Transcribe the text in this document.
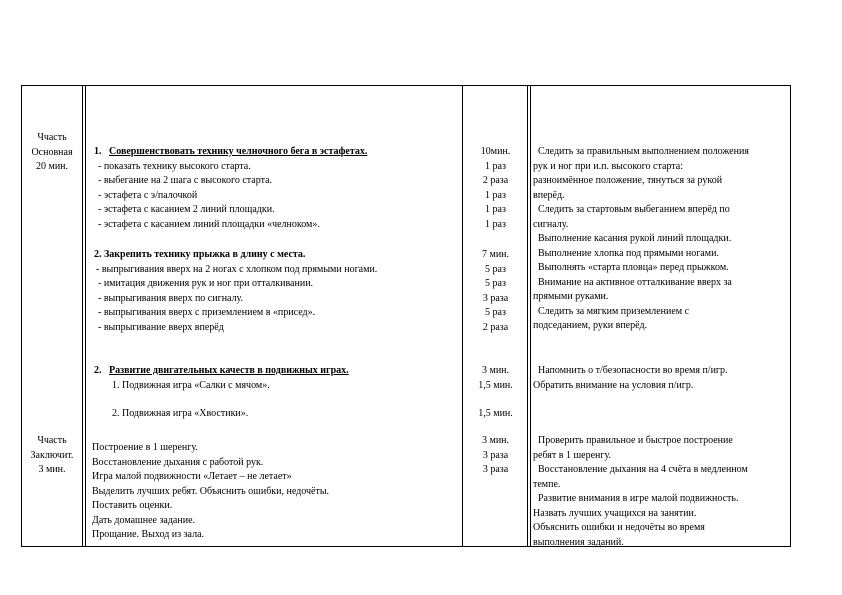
Ччасть
Основная
20 мин.
Ччасть
Заключит.
3 мин.
1. Совершенствовать технику челночного бега в эстафетах.
- показать технику высокого старта.
- выбегание на 2 шага с высокого старта.
- эстафета с э/палочкой
- эстафета с касанием 2 линий площадки.
- эстафета с касанием линий площадки «челноком».
2. Закрепить технику прыжка в длину с места.
- выпрыгивания вверх на 2 ногах с хлопком под прямыми ногами.
- имитация движения рук и ног при отталкивании.
- выпрыгивания вверх по сигналу.
- выпрыгивания вверх с приземлением в «присед».
- выпрыгивание вверх вперёд
2. Развитие двигательных качеств в подвижных играх.
1. Подвижная игра «Салки с мячом».
2. Подвижная игра «Хвостики».
Построение в 1 шеренгу.
Восстановление дыхания с работой рук.
Игра малой подвижности «Летает – не летает»
Выделить лучших ребят. Объяснить ошибки, недочёты.
Поставить оценки.
Дать домашнее задание.
Прощание. Выход из зала.
10мин.
1 раз
2 раза
1 раз
1 раз
1 раз
7 мин.
5 раз
5 раз
3 раза
5 раз
2 раза
3 мин.
1,5 мин.
1,5 мин.
3 мин.
3 раза
3 раза
Следить за правильным выполнением положения
рук и ног при и.п. высокого старта:
разноимённое положение, тянуться за рукой
вперёд.
Следить за стартовым выбеганием вперёд по
сигналу.
Выполнение касания рукой линий площадки.
Выполнение хлопка под прямыми ногами.
Выполнять «старта пловца» перед прыжком.
Внимание на активное отталкивание вверх за
прямыми руками.
Следить за мягким приземлением с
подседанием, руки вперёд.
Напомнить о т/безопасности во время п/игр.
Обратить внимание на условия п/игр.
Проверить правильное и быстрое построение
ребят в 1 шеренгу.
Восстановление дыхания на 4 счёта в медленном
темпе.
Развитие внимания в игре малой подвижность.
Назвать лучших учащихся на занятии.
Объяснить ошибки и недочёты во время
выполнения заданий.
